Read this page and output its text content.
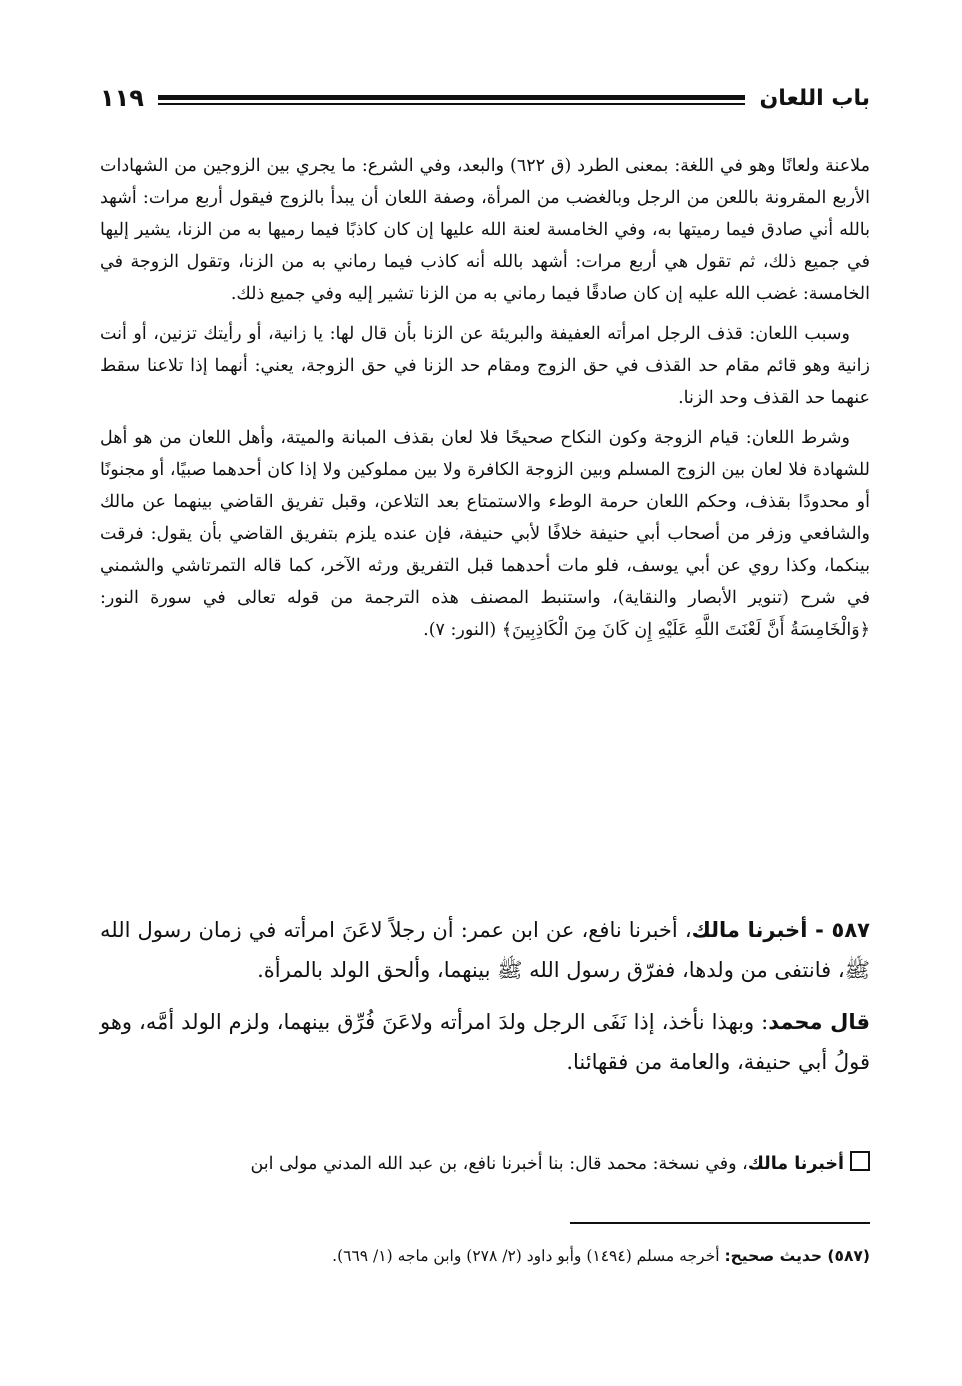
باب اللعان
١١٩

ملاعنة ولعانًا وهو في اللغة: بمعنى الطرد (ق ٦٢٢) والبعد، وفي الشرع: ما يجري بين الزوجين من الشهادات الأربع المقرونة باللعن من الرجل وبالغضب من المرأة، وصفة اللعان أن يبدأ بالزوج فيقول أربع مرات: أشهد بالله أني صادق فيما رميتها به، وفي الخامسة لعنة الله عليها إن كان كاذبًا فيما رميها به من الزنا، يشير إليها في جميع ذلك، ثم تقول هي أربع مرات: أشهد بالله أنه كاذب فيما رماني به من الزنا، وتقول الزوجة في الخامسة: غضب الله عليه إن كان صادقًا فيما رماني به من الزنا تشير إليه وفي جميع ذلك.

وسبب اللعان: قذف الرجل امرأته العفيفة والبريئة عن الزنا بأن قال لها: يا زانية، أو رأيتك تزنين، أو أنت زانية وهو قائم مقام حد القذف في حق الزوج ومقام حد الزنا في حق الزوجة، يعني: أنهما إذا تلاعنا سقط عنهما حد القذف وحد الزنا.

وشرط اللعان: قيام الزوجة وكون النكاح صحيحًا فلا لعان بقذف المبانة والميتة، وأهل اللعان من هو أهل للشهادة فلا لعان بين الزوج المسلم وبين الزوجة الكافرة ولا بين مملوكين ولا إذا كان أحدهما صبيًا، أو مجنونًا أو محدودًا بقذف، وحكم اللعان حرمة الوطء والاستمتاع بعد التلاعن، وقبل تفريق القاضي بينهما عن مالك والشافعي وزفر من أصحاب أبي حنيفة خلافًا لأبي حنيفة، فإن عنده يلزم بتفريق القاضي بأن يقول: فرقت بينكما، وكذا روي عن أبي يوسف، فلو مات أحدهما قبل التفريق ورثه الآخر، كما قاله التمرتاشي والشمني في شرح (تنوير الأبصار والنقاية)، واستنبط المصنف هذه الترجمة من قوله تعالى في سورة النور: ﴿وَالْخَامِسَةُ أَنَّ لَعْنَتَ اللَّهِ عَلَيْهِ إِن كَانَ مِنَ الْكَاذِبِينَ﴾ (النور: ٧).

٥٨٧ - أخبرنا مالك، أخبرنا نافع، عن ابن عمر: أن رجلاً لاعَنَ امرأته في زمان رسول الله ﷺ، فانتفى من ولدها، ففرّق رسول الله ﷺ بينهما، وألحق الولد بالمرأة.

قال محمد: وبهذا نأخذ، إذا نَفَى الرجل ولدَ امرأته ولاعَنَ فُرِّق بينهما، ولزم الولد أمَّه، وهو قولُ أبي حنيفة، والعامة من فقهائنا.

أخبرنا مالك، وفي نسخة: محمد قال: بنا أخبرنا نافع، بن عبد الله المدني مولى ابن
(٥٨٧) حديث صحيح: أخرجه مسلم (١٤٩٤) وأبو داود (٢/ ٢٧٨) وابن ماجه (١/ ٦٦٩).
